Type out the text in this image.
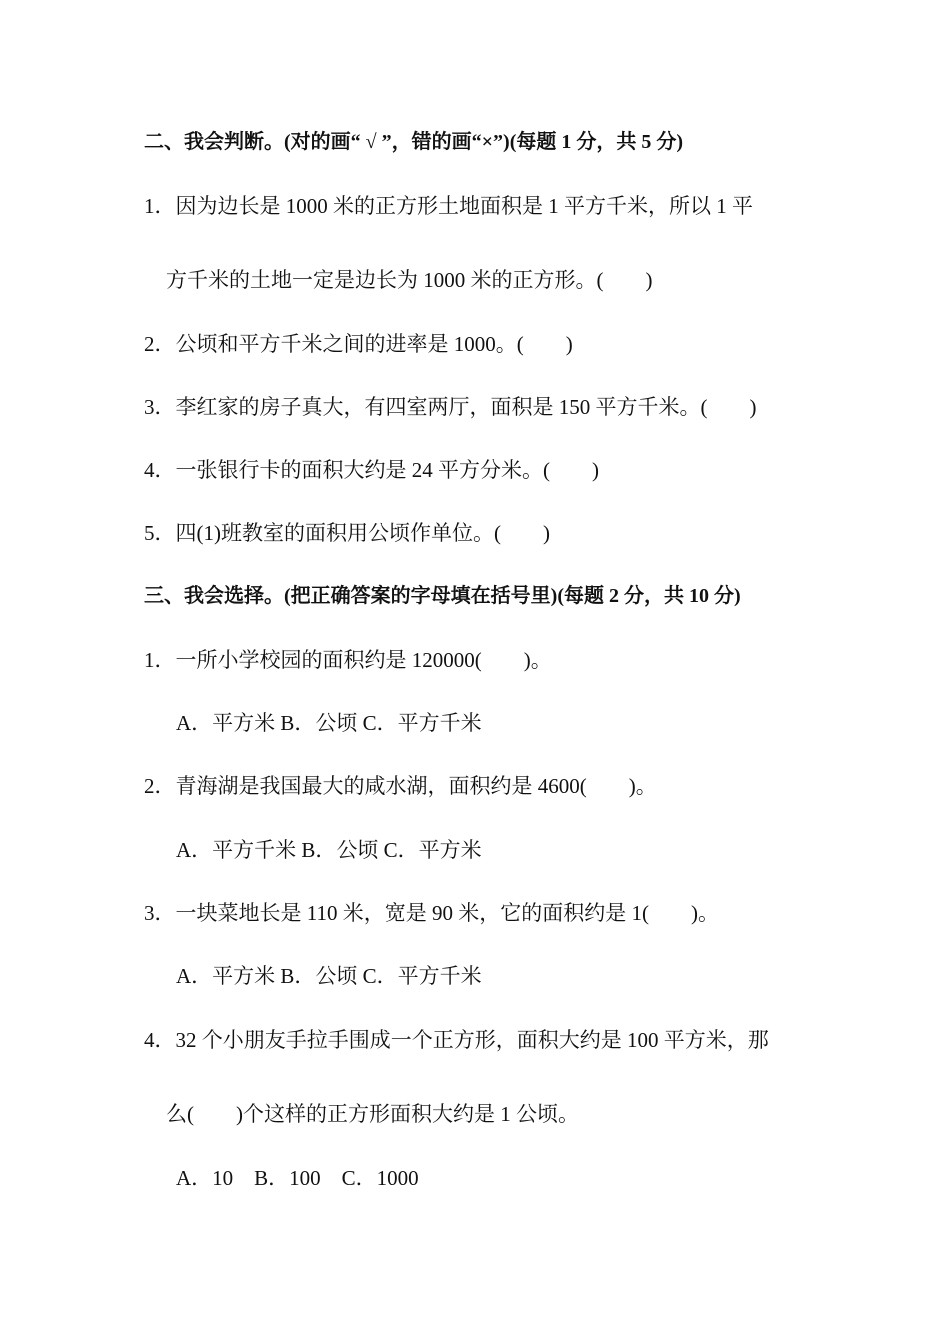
二、我会判断。(对的画“ √ ”，错的画“×”)(每题 1 分，共 5 分)
1．因为边长是 1000 米的正方形土地面积是 1 平方千米，所以 1 平
方千米的土地一定是边长为 1000 米的正方形。(　　)
2．公顷和平方千米之间的进率是 1000。(　　)
3．李红家的房子真大，有四室两厅，面积是 150 平方千米。(　　)
4．一张银行卡的面积大约是 24 平方分米。(　　)
5．四(1)班教室的面积用公顷作单位。(　　)
三、我会选择。(把正确答案的字母填在括号里)(每题 2 分，共 10 分)
1．一所小学校园的面积约是 120000(　　)。
A．平方米 B．公顷 C．平方千米
2．青海湖是我国最大的咸水湖，面积约是 4600(　　)。
A．平方千米 B．公顷 C．平方米
3．一块菜地长是 110 米，宽是 90 米，它的面积约是 1(　　)。
A．平方米 B．公顷 C．平方千米
4．32 个小朋友手拉手围成一个正方形，面积大约是 100 平方米，那
么(　　)个这样的正方形面积大约是 1 公顷。
A．10　B．100　C．1000
